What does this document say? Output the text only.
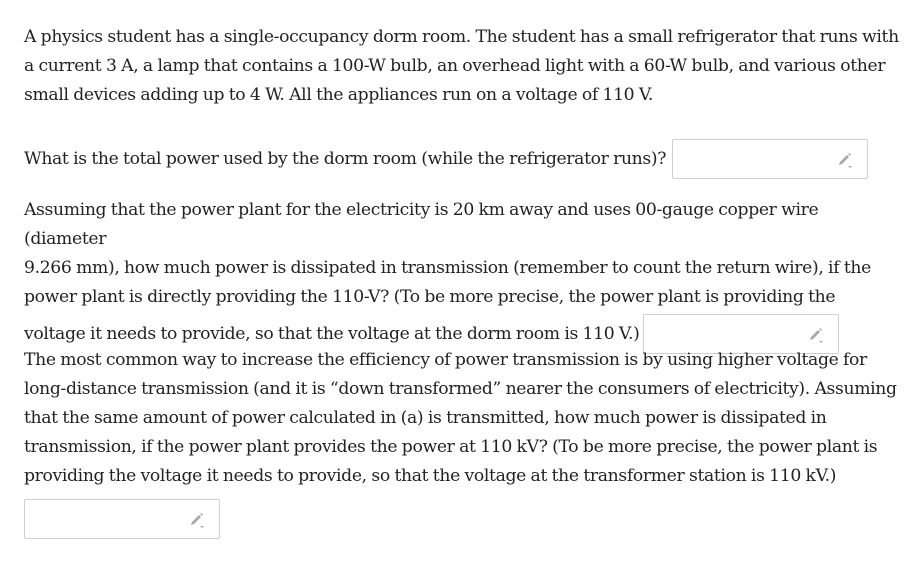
A physics student has a single-occupancy dorm room. The student has a small refrigerator that runs with

a current 3 A, a lamp that contains a 100-W bulb, an overhead light with a 60-W bulb, and various other

small devices adding up to 4 W. All the appliances run on a voltage of 110 V.

What is the total power used by the dorm room (while the refrigerator runs)?

Assuming that the power plant for the electricity is 20 km away and uses 00-gauge copper wire (diameter

9.266 mm), how much power is dissipated in transmission (remember to count the return wire), if the

power plant is directly providing the 110-V? (To be more precise, the power plant is providing the

voltage it needs to provide, so that the voltage at the dorm room is 110 V.)

The most common way to increase the efficiency of power transmission is by using higher voltage for

long-distance transmission (and it is “down transformed” nearer the consumers of electricity). Assuming

that the same amount of power calculated in (a) is transmitted, how much power is dissipated in

transmission, if the power plant provides the power at 110 kV? (To be more precise, the power plant is

providing the voltage it needs to provide, so that the voltage at the transformer station is 110 kV.)
